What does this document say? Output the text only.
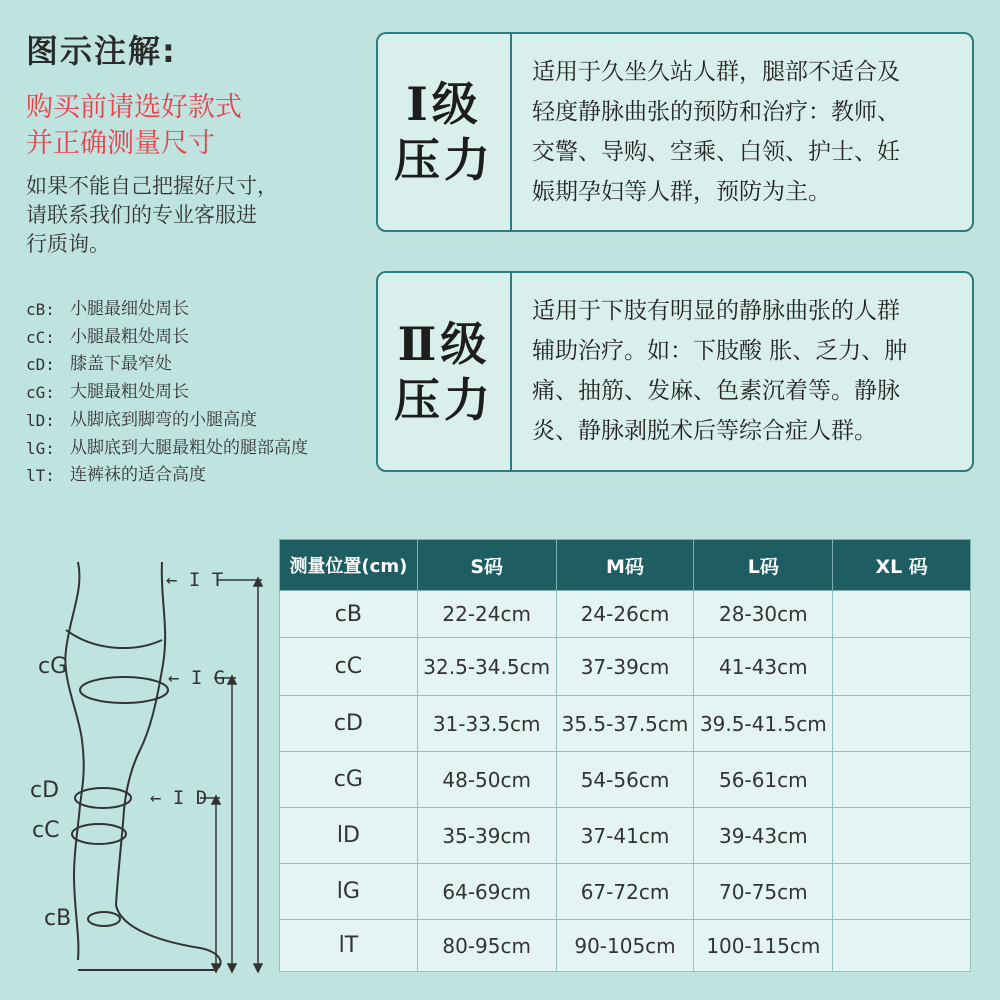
图示注解:
购买前请选好款式
并正确测量尺寸
如果不能自己把握好尺寸，
请联系我们的专业客服进
行质询。
cB: 小腿最细处周长
cC: 小腿最粗处周长
cD: 膝盖下最窄处
cG: 大腿最粗处周长
lD: 从脚底到脚弯的小腿高度
lG: 从脚底到大腿最粗处的腿部高度
lT: 连裤袜的适合高度
Ⅰ级
压力
适用于久坐久站人群，腿部不适合及
轻度静脉曲张的预防和治疗：教师、
交警、导购、空乘、白领、护士、妊
娠期孕妇等人群，预防为主。
Ⅱ级
压力
适用于下肢有明显的静脉曲张的人群
辅助治疗。如：下肢酸 胀、乏力、肿
痛、抽筋、发麻、色素沉着等。静脉
炎、静脉剥脱术后等综合症人群。
cG
cD
cC
cB
← I T
← I G
← I D
测量位置(cm)	S码	M码	L码	XL 码
cB	22-24cm	24-26cm	28-30cm	
cC	32.5-34.5cm	37-39cm	41-43cm	
cD	31-33.5cm	35.5-37.5cm	39.5-41.5cm	
cG	48-50cm	54-56cm	56-61cm	
lD	35-39cm	37-41cm	39-43cm	
lG	64-69cm	67-72cm	70-75cm	
lT	80-95cm	90-105cm	100-115cm	
